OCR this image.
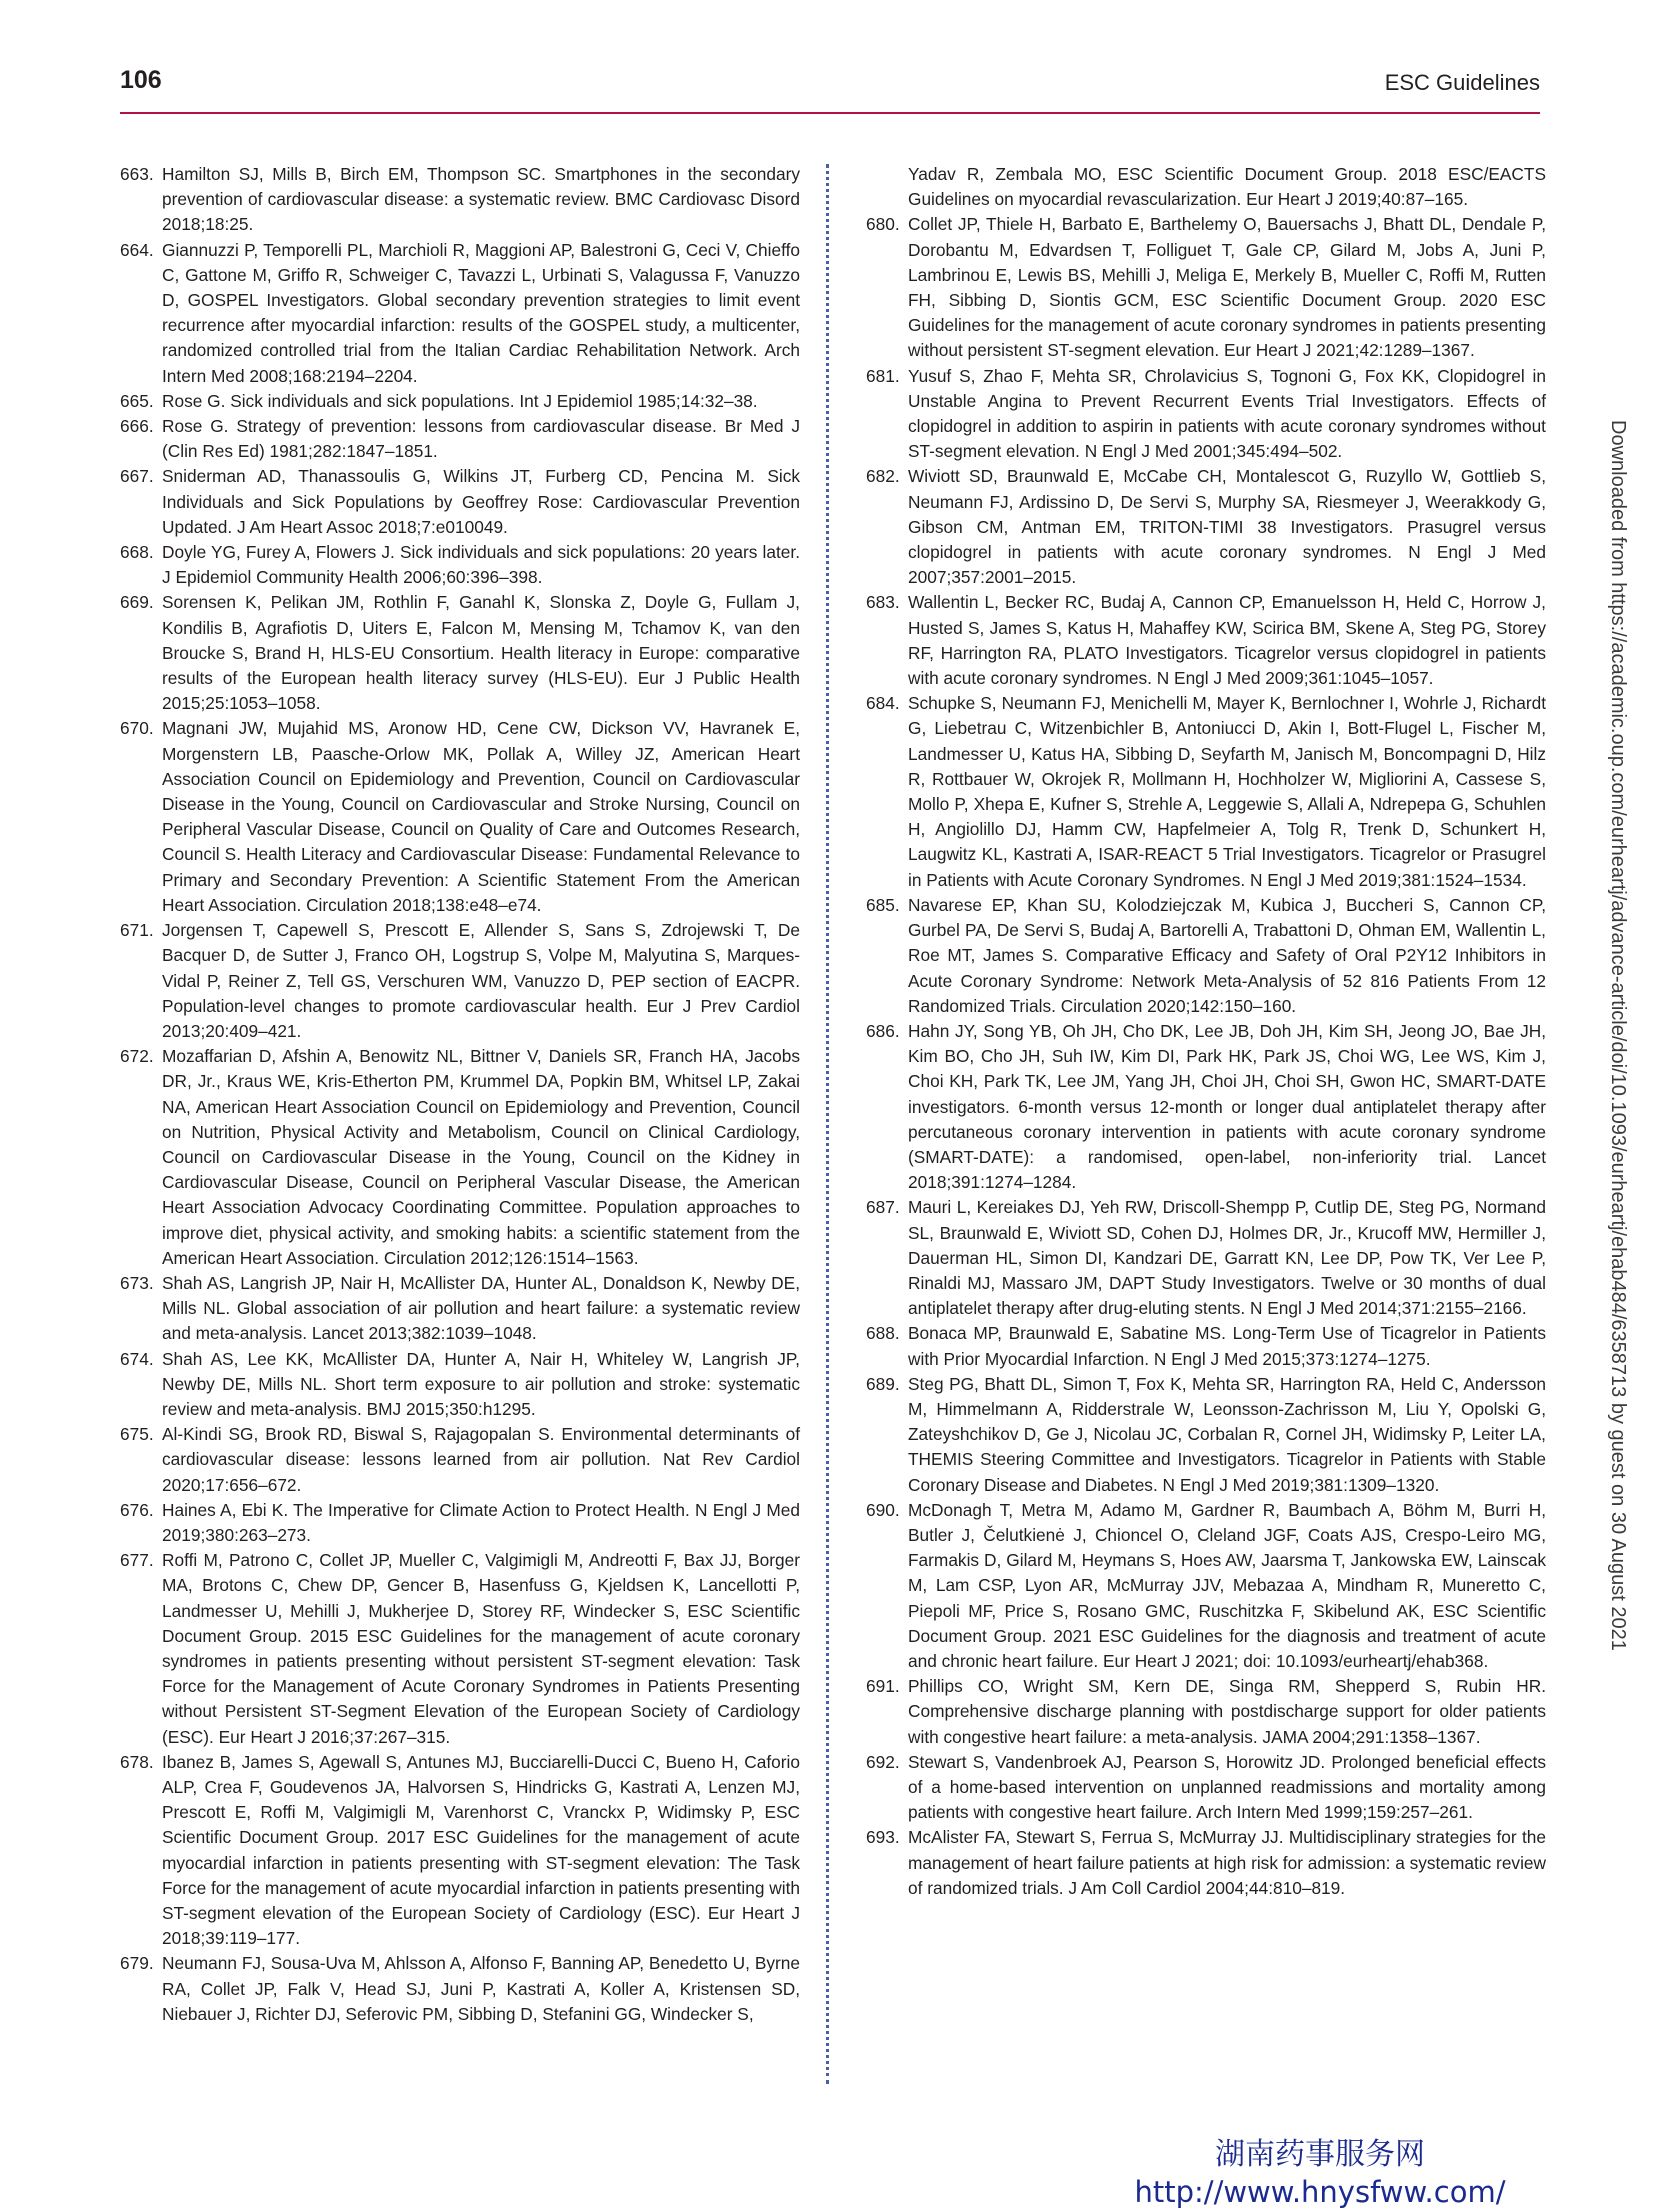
106	ESC Guidelines

663. Hamilton SJ, Mills B, Birch EM, Thompson SC. Smartphones in the secondary prevention of cardiovascular disease: a systematic review. BMC Cardiovasc Disord 2018;18:25.

664. Giannuzzi P, Temporelli PL, Marchioli R, Maggioni AP, Balestroni G, Ceci V, Chieffo C, Gattone M, Griffo R, Schweiger C, Tavazzi L, Urbinati S, Valagussa F, Vanuzzo D, GOSPEL Investigators. Global secondary prevention strategies to limit event recurrence after myocardial infarction: results of the GOSPEL study, a multicenter, randomized controlled trial from the Italian Cardiac Rehabilitation Network. Arch Intern Med 2008;168:2194–2204.

665. Rose G. Sick individuals and sick populations. Int J Epidemiol 1985;14:32–38.

666. Rose G. Strategy of prevention: lessons from cardiovascular disease. Br Med J (Clin Res Ed) 1981;282:1847–1851.

667. Sniderman AD, Thanassoulis G, Wilkins JT, Furberg CD, Pencina M. Sick Individuals and Sick Populations by Geoffrey Rose: Cardiovascular Prevention Updated. J Am Heart Assoc 2018;7:e010049.

668. Doyle YG, Furey A, Flowers J. Sick individuals and sick populations: 20 years later. J Epidemiol Community Health 2006;60:396–398.

669. Sorensen K, Pelikan JM, Rothlin F, Ganahl K, Slonska Z, Doyle G, Fullam J, Kondilis B, Agrafiotis D, Uiters E, Falcon M, Mensing M, Tchamov K, van den Broucke S, Brand H, HLS-EU Consortium. Health literacy in Europe: comparative results of the European health literacy survey (HLS-EU). Eur J Public Health 2015;25:1053–1058.

670. Magnani JW, Mujahid MS, Aronow HD, Cene CW, Dickson VV, Havranek E, Morgenstern LB, Paasche-Orlow MK, Pollak A, Willey JZ, American Heart Association Council on Epidemiology and Prevention, Council on Cardiovascular Disease in the Young, Council on Cardiovascular and Stroke Nursing, Council on Peripheral Vascular Disease, Council on Quality of Care and Outcomes Research, Council S. Health Literacy and Cardiovascular Disease: Fundamental Relevance to Primary and Secondary Prevention: A Scientific Statement From the American Heart Association. Circulation 2018;138:e48–e74.

671. Jorgensen T, Capewell S, Prescott E, Allender S, Sans S, Zdrojewski T, De Bacquer D, de Sutter J, Franco OH, Logstrup S, Volpe M, Malyutina S, Marques-Vidal P, Reiner Z, Tell GS, Verschuren WM, Vanuzzo D, PEP section of EACPR. Population-level changes to promote cardiovascular health. Eur J Prev Cardiol 2013;20:409–421.

672. Mozaffarian D, Afshin A, Benowitz NL, Bittner V, Daniels SR, Franch HA, Jacobs DR, Jr., Kraus WE, Kris-Etherton PM, Krummel DA, Popkin BM, Whitsel LP, Zakai NA, American Heart Association Council on Epidemiology and Prevention, Council on Nutrition, Physical Activity and Metabolism, Council on Clinical Cardiology, Council on Cardiovascular Disease in the Young, Council on the Kidney in Cardiovascular Disease, Council on Peripheral Vascular Disease, the American Heart Association Advocacy Coordinating Committee. Population approaches to improve diet, physical activity, and smoking habits: a scientific statement from the American Heart Association. Circulation 2012;126:1514–1563.

673. Shah AS, Langrish JP, Nair H, McAllister DA, Hunter AL, Donaldson K, Newby DE, Mills NL. Global association of air pollution and heart failure: a systematic review and meta-analysis. Lancet 2013;382:1039–1048.

674. Shah AS, Lee KK, McAllister DA, Hunter A, Nair H, Whiteley W, Langrish JP, Newby DE, Mills NL. Short term exposure to air pollution and stroke: systematic review and meta-analysis. BMJ 2015;350:h1295.

675. Al-Kindi SG, Brook RD, Biswal S, Rajagopalan S. Environmental determinants of cardiovascular disease: lessons learned from air pollution. Nat Rev Cardiol 2020;17:656–672.

676. Haines A, Ebi K. The Imperative for Climate Action to Protect Health. N Engl J Med 2019;380:263–273.

677. Roffi M, Patrono C, Collet JP, Mueller C, Valgimigli M, Andreotti F, Bax JJ, Borger MA, Brotons C, Chew DP, Gencer B, Hasenfuss G, Kjeldsen K, Lancellotti P, Landmesser U, Mehilli J, Mukherjee D, Storey RF, Windecker S, ESC Scientific Document Group. 2015 ESC Guidelines for the management of acute coronary syndromes in patients presenting without persistent ST-segment elevation: Task Force for the Management of Acute Coronary Syndromes in Patients Presenting without Persistent ST-Segment Elevation of the European Society of Cardiology (ESC). Eur Heart J 2016;37:267–315.

678. Ibanez B, James S, Agewall S, Antunes MJ, Bucciarelli-Ducci C, Bueno H, Caforio ALP, Crea F, Goudevenos JA, Halvorsen S, Hindricks G, Kastrati A, Lenzen MJ, Prescott E, Roffi M, Valgimigli M, Varenhorst C, Vranckx P, Widimsky P, ESC Scientific Document Group. 2017 ESC Guidelines for the management of acute myocardial infarction in patients presenting with ST-segment elevation: The Task Force for the management of acute myocardial infarction in patients presenting with ST-segment elevation of the European Society of Cardiology (ESC). Eur Heart J 2018;39:119–177.

679. Neumann FJ, Sousa-Uva M, Ahlsson A, Alfonso F, Banning AP, Benedetto U, Byrne RA, Collet JP, Falk V, Head SJ, Juni P, Kastrati A, Koller A, Kristensen SD, Niebauer J, Richter DJ, Seferovic PM, Sibbing D, Stefanini GG, Windecker S,

Yadav R, Zembala MO, ESC Scientific Document Group. 2018 ESC/EACTS Guidelines on myocardial revascularization. Eur Heart J 2019;40:87–165.

680. Collet JP, Thiele H, Barbato E, Barthelemy O, Bauersachs J, Bhatt DL, Dendale P, Dorobantu M, Edvardsen T, Folliguet T, Gale CP, Gilard M, Jobs A, Juni P, Lambrinou E, Lewis BS, Mehilli J, Meliga E, Merkely B, Mueller C, Roffi M, Rutten FH, Sibbing D, Siontis GCM, ESC Scientific Document Group. 2020 ESC Guidelines for the management of acute coronary syndromes in patients presenting without persistent ST-segment elevation. Eur Heart J 2021;42:1289–1367.

681. Yusuf S, Zhao F, Mehta SR, Chrolavicius S, Tognoni G, Fox KK, Clopidogrel in Unstable Angina to Prevent Recurrent Events Trial Investigators. Effects of clopidogrel in addition to aspirin in patients with acute coronary syndromes without ST-segment elevation. N Engl J Med 2001;345:494–502.

682. Wiviott SD, Braunwald E, McCabe CH, Montalescot G, Ruzyllo W, Gottlieb S, Neumann FJ, Ardissino D, De Servi S, Murphy SA, Riesmeyer J, Weerakkody G, Gibson CM, Antman EM, TRITON-TIMI 38 Investigators. Prasugrel versus clopidogrel in patients with acute coronary syndromes. N Engl J Med 2007;357:2001–2015.

683. Wallentin L, Becker RC, Budaj A, Cannon CP, Emanuelsson H, Held C, Horrow J, Husted S, James S, Katus H, Mahaffey KW, Scirica BM, Skene A, Steg PG, Storey RF, Harrington RA, PLATO Investigators. Ticagrelor versus clopidogrel in patients with acute coronary syndromes. N Engl J Med 2009;361:1045–1057.

684. Schupke S, Neumann FJ, Menichelli M, Mayer K, Bernlochner I, Wohrle J, Richardt G, Liebetrau C, Witzenbichler B, Antoniucci D, Akin I, Bott-Flugel L, Fischer M, Landmesser U, Katus HA, Sibbing D, Seyfarth M, Janisch M, Boncompagni D, Hilz R, Rottbauer W, Okrojek R, Mollmann H, Hochholzer W, Migliorini A, Cassese S, Mollo P, Xhepa E, Kufner S, Strehle A, Leggewie S, Allali A, Ndrepepa G, Schuhlen H, Angiolillo DJ, Hamm CW, Hapfelmeier A, Tolg R, Trenk D, Schunkert H, Laugwitz KL, Kastrati A, ISAR-REACT 5 Trial Investigators. Ticagrelor or Prasugrel in Patients with Acute Coronary Syndromes. N Engl J Med 2019;381:1524–1534.

685. Navarese EP, Khan SU, Kolodziejczak M, Kubica J, Buccheri S, Cannon CP, Gurbel PA, De Servi S, Budaj A, Bartorelli A, Trabattoni D, Ohman EM, Wallentin L, Roe MT, James S. Comparative Efficacy and Safety of Oral P2Y12 Inhibitors in Acute Coronary Syndrome: Network Meta-Analysis of 52 816 Patients From 12 Randomized Trials. Circulation 2020;142:150–160.

686. Hahn JY, Song YB, Oh JH, Cho DK, Lee JB, Doh JH, Kim SH, Jeong JO, Bae JH, Kim BO, Cho JH, Suh IW, Kim DI, Park HK, Park JS, Choi WG, Lee WS, Kim J, Choi KH, Park TK, Lee JM, Yang JH, Choi JH, Choi SH, Gwon HC, SMART-DATE investigators. 6-month versus 12-month or longer dual antiplatelet therapy after percutaneous coronary intervention in patients with acute coronary syndrome (SMART-DATE): a randomised, open-label, non-inferiority trial. Lancet 2018;391:1274–1284.

687. Mauri L, Kereiakes DJ, Yeh RW, Driscoll-Shempp P, Cutlip DE, Steg PG, Normand SL, Braunwald E, Wiviott SD, Cohen DJ, Holmes DR, Jr., Krucoff MW, Hermiller J, Dauerman HL, Simon DI, Kandzari DE, Garratt KN, Lee DP, Pow TK, Ver Lee P, Rinaldi MJ, Massaro JM, DAPT Study Investigators. Twelve or 30 months of dual antiplatelet therapy after drug-eluting stents. N Engl J Med 2014;371:2155–2166.

688. Bonaca MP, Braunwald E, Sabatine MS. Long-Term Use of Ticagrelor in Patients with Prior Myocardial Infarction. N Engl J Med 2015;373:1274–1275.

689. Steg PG, Bhatt DL, Simon T, Fox K, Mehta SR, Harrington RA, Held C, Andersson M, Himmelmann A, Ridderstrale W, Leonsson-Zachrisson M, Liu Y, Opolski G, Zateyshchikov D, Ge J, Nicolau JC, Corbalan R, Cornel JH, Widimsky P, Leiter LA, THEMIS Steering Committee and Investigators. Ticagrelor in Patients with Stable Coronary Disease and Diabetes. N Engl J Med 2019;381:1309–1320.

690. McDonagh T, Metra M, Adamo M, Gardner R, Baumbach A, Böhm M, Burri H, Butler J, Čelutkienė J, Chioncel O, Cleland JGF, Coats AJS, Crespo-Leiro MG, Farmakis D, Gilard M, Heymans S, Hoes AW, Jaarsma T, Jankowska EW, Lainscak M, Lam CSP, Lyon AR, McMurray JJV, Mebazaa A, Mindham R, Muneretto C, Piepoli MF, Price S, Rosano GMC, Ruschitzka F, Skibelund AK, ESC Scientific Document Group. 2021 ESC Guidelines for the diagnosis and treatment of acute and chronic heart failure. Eur Heart J 2021; doi: 10.1093/eurheartj/ehab368.

691. Phillips CO, Wright SM, Kern DE, Singa RM, Shepperd S, Rubin HR. Comprehensive discharge planning with postdischarge support for older patients with congestive heart failure: a meta-analysis. JAMA 2004;291:1358–1367.

692. Stewart S, Vandenbroek AJ, Pearson S, Horowitz JD. Prolonged beneficial effects of a home-based intervention on unplanned readmissions and mortality among patients with congestive heart failure. Arch Intern Med 1999;159:257–261.

693. McAlister FA, Stewart S, Ferrua S, McMurray JJ. Multidisciplinary strategies for the management of heart failure patients at high risk for admission: a systematic review of randomized trials. J Am Coll Cardiol 2004;44:810–819.

Downloaded from https://academic.oup.com/eurheartj/advance-article/doi/10.1093/eurheartj/ehab484/6358713 by guest on 30 August 2021
湖南药事服务网
http://www.hnysfww.com/
